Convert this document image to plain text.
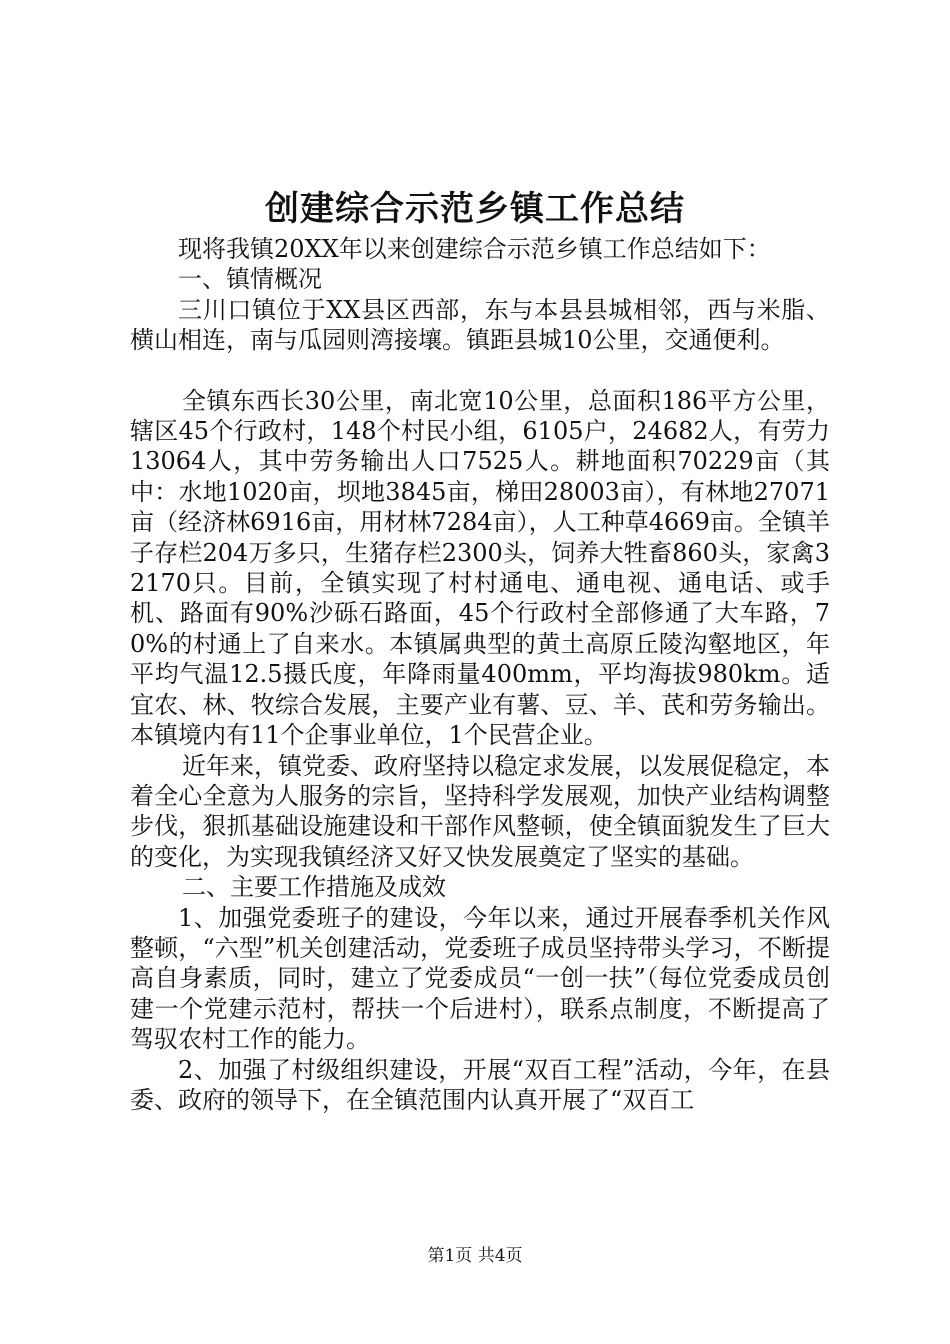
创建综合示范乡镇工作总结

现将我镇20XX年以来创建综合示范乡镇工作总结如下：

一、镇情概况

三川口镇位于XX县区西部，东与本县县城相邻，西与米脂、横山相连，南与瓜园则湾接壤。镇距县城10公里，交通便利。

全镇东西长30公里，南北宽10公里，总面积186平方公里，辖区45个行政村，148个村民小组，6105户，24682人，有劳力13064人，其中劳务输出人口7525人。耕地面积70229亩（其中：水地1020亩，坝地3845亩，梯田28003亩），有林地27071亩（经济林6916亩，用材林7284亩），人工种草4669亩。全镇羊子存栏204万多只，生猪存栏2300头，饲养大牲畜860头，家禽32170只。目前，全镇实现了村村通电、通电视、通电话、或手机、路面有90%沙砾石路面，45个行政村全部修通了大车路，70%的村通上了自来水。本镇属典型的黄土高原丘陵沟壑地区，年平均气温12.5摄氏度，年降雨量400mm，平均海拔980km。适宜农、林、牧综合发展，主要产业有薯、豆、羊、芪和劳务输出。本镇境内有11个企事业单位，1个民营企业。

近年来，镇党委、政府坚持以稳定求发展，以发展促稳定，本着全心全意为人服务的宗旨，坚持科学发展观，加快产业结构调整步伐，狠抓基础设施建设和干部作风整顿，使全镇面貌发生了巨大的变化，为实现我镇经济又好又快发展奠定了坚实的基础。

二、主要工作措施及成效

1、加强党委班子的建设，今年以来，通过开展春季机关作风整顿，“六型”机关创建活动，党委班子成员坚持带头学习，不断提高自身素质，同时，建立了党委成员“一创一扶”（每位党委成员创建一个党建示范村，帮扶一个后进村），联系点制度，不断提高了驾驭农村工作的能力。

2、加强了村级组织建设，开展“双百工程”活动，今年，在县委、政府的领导下，在全镇范围内认真开展了“双百工

第1页 共4页
